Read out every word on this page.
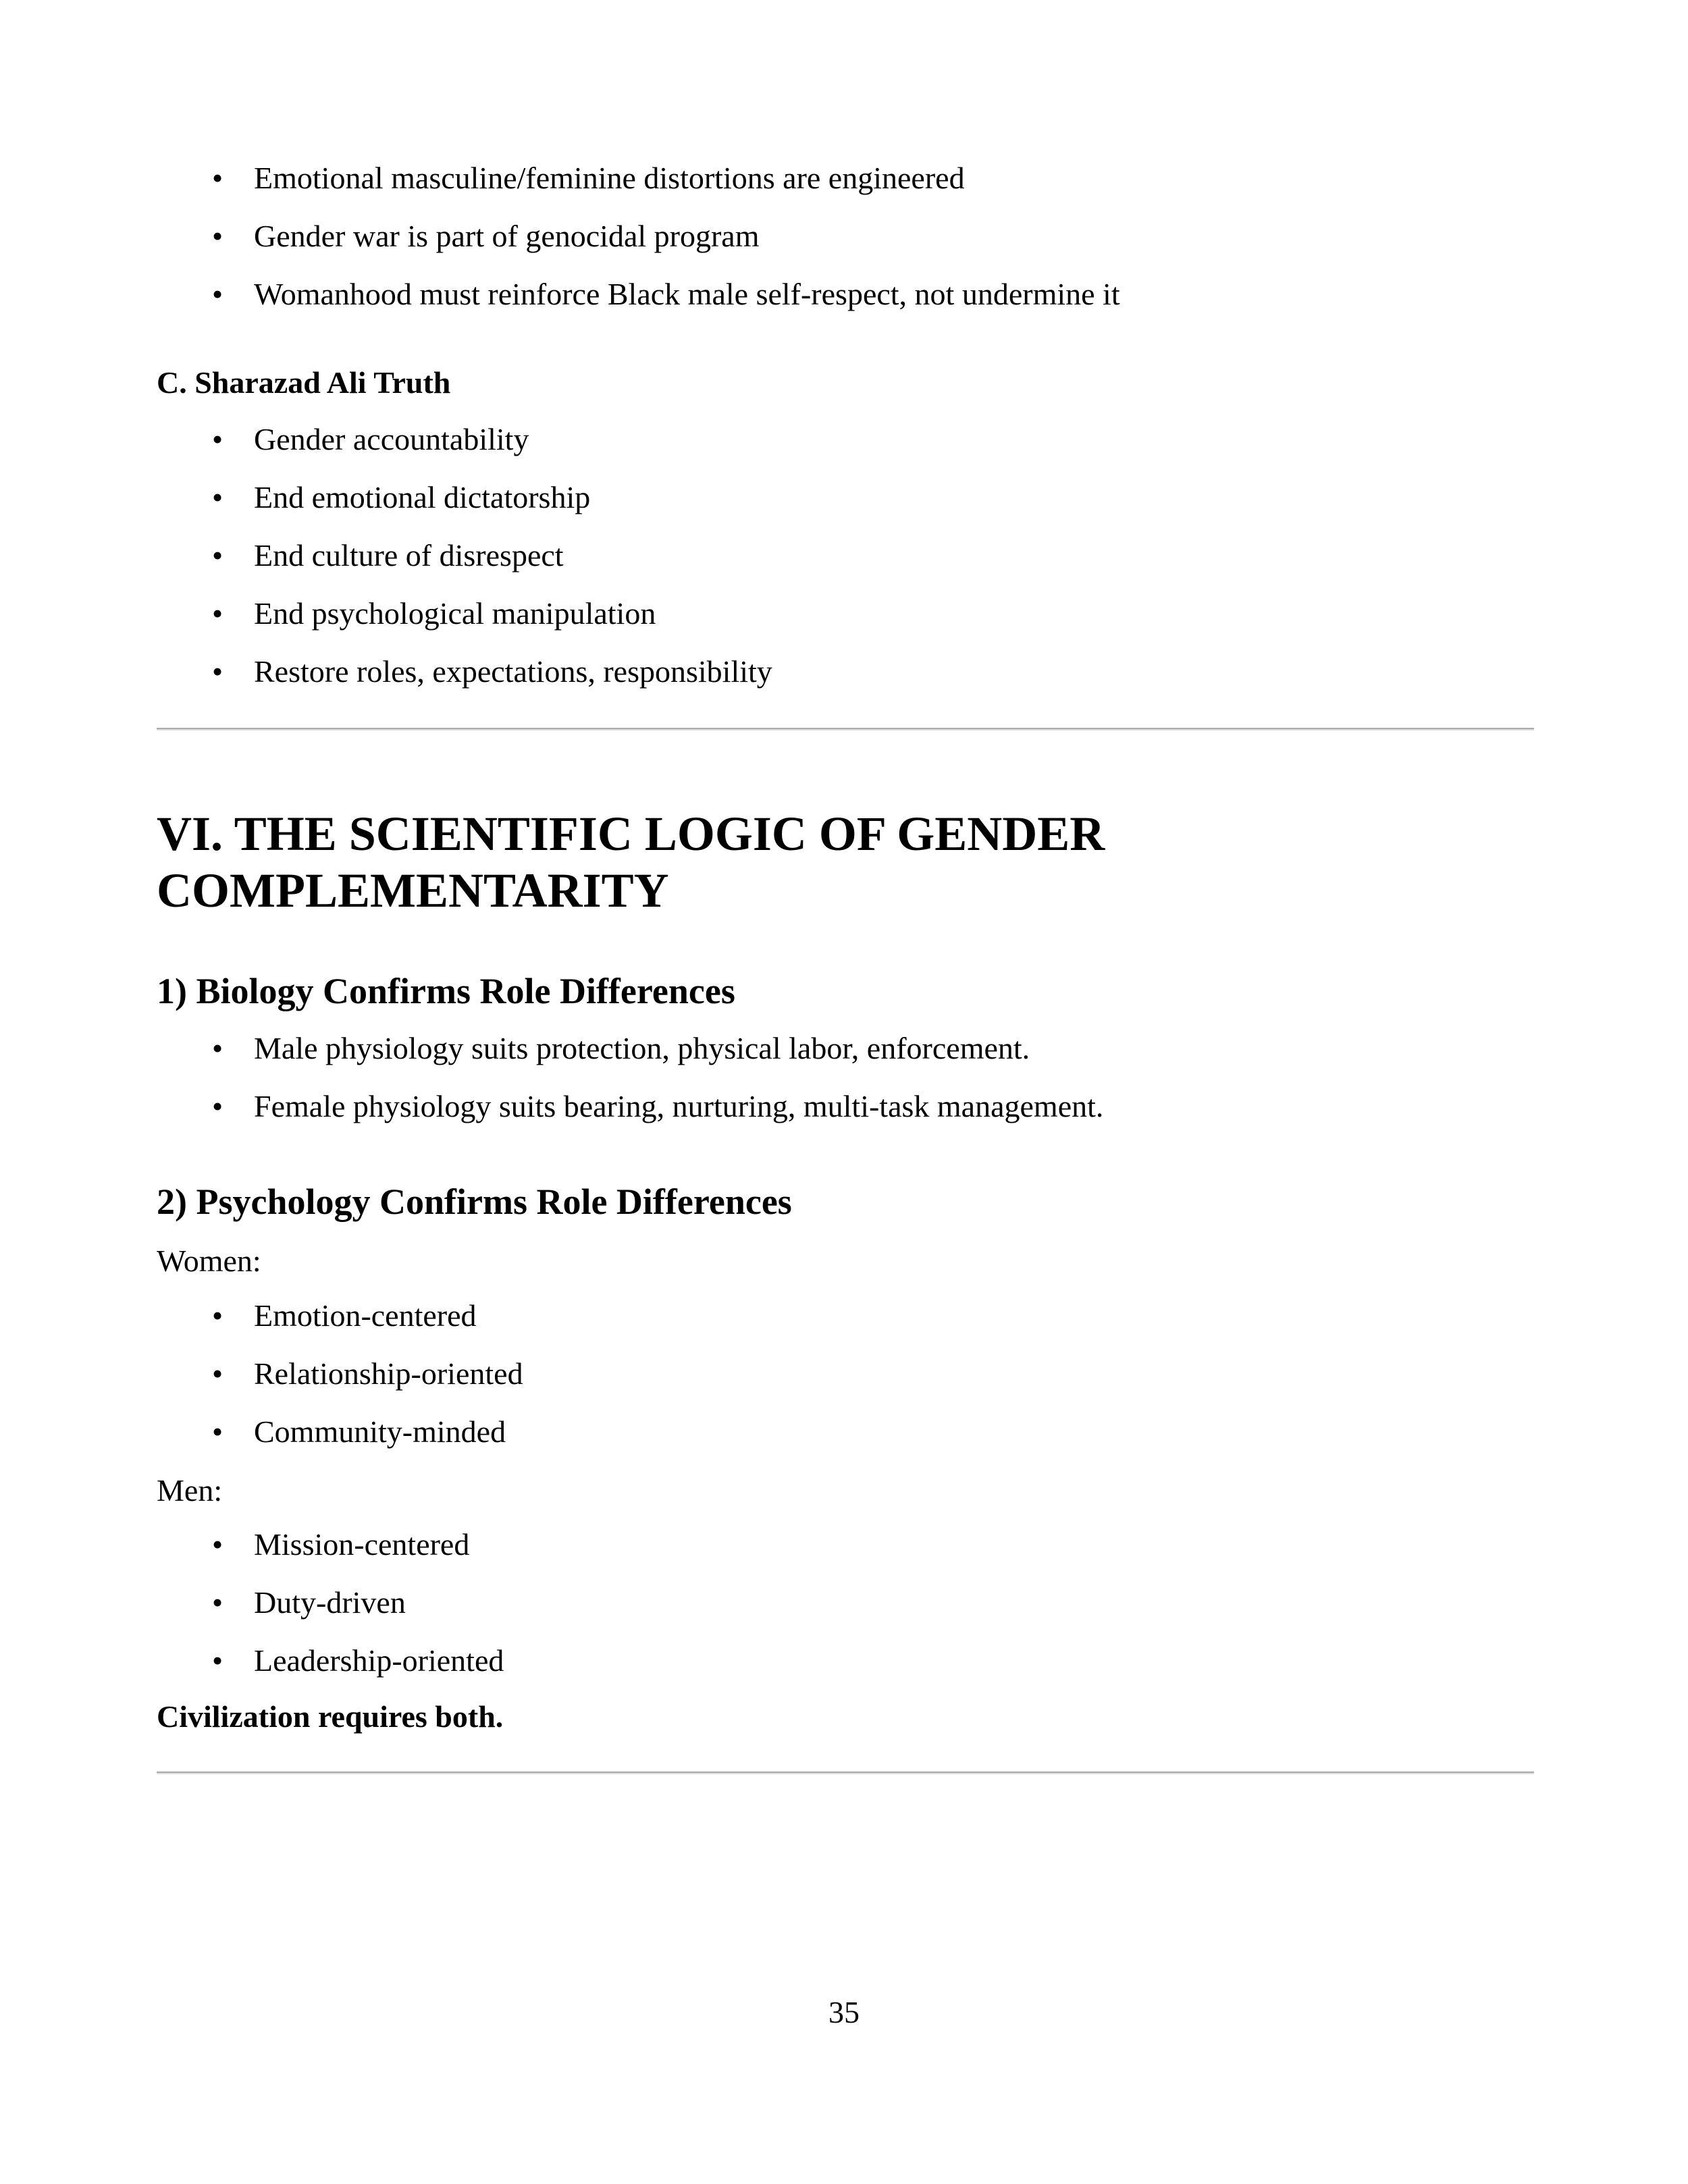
• Emotional masculine/feminine distortions are engineered
• Gender war is part of genocidal program
• Womanhood must reinforce Black male self-respect, not undermine it
C. Sharazad Ali Truth
• Gender accountability
• End emotional dictatorship
• End culture of disrespect
• End psychological manipulation
• Restore roles, expectations, responsibility
VI. THE SCIENTIFIC LOGIC OF GENDER
COMPLEMENTARITY
1) Biology Confirms Role Differences
• Male physiology suits protection, physical labor, enforcement.
• Female physiology suits bearing, nurturing, multi-task management.
2) Psychology Confirms Role Differences
Women:
• Emotion-centered
• Relationship-oriented
• Community-minded
Men:
• Mission-centered
• Duty-driven
• Leadership-oriented
Civilization requires both.
35
